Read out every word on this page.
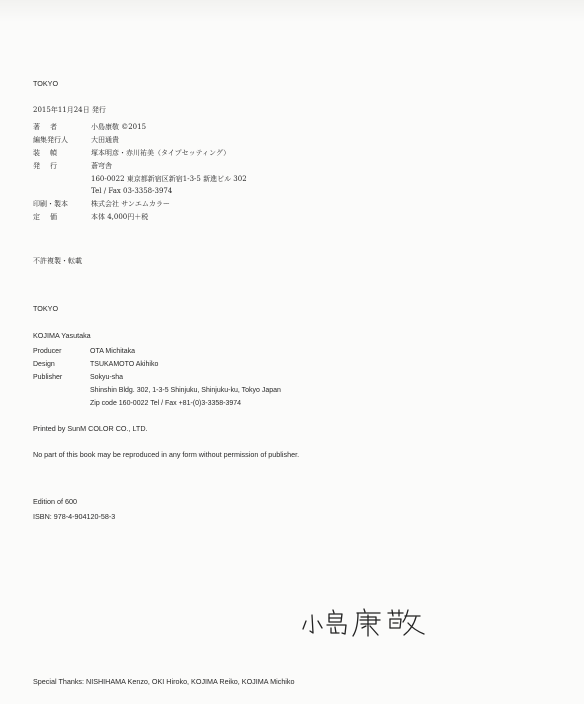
TOKYO
2015年11月24日 発行
著 者	小島康敬 ©2015
編集発行人	大田通貴
装 幀	塚本明彦・赤川祐美（タイプセッティング）
発 行	蒼穹舎
160-0022 東京都新宿区新宿1-3-5 新進ビル 302
Tel / Fax 03-3358-3974
印刷・製本	株式会社 サンエムカラー
定 価	本体 4,000円＋税
不許複製・転載
TOKYO
KOJIMA Yasutaka
Producer	OTA Michitaka
Design	TSUKAMOTO Akihiko
Publisher	Sokyu-sha
Shinshin Bldg. 302, 1-3-5 Shinjuku, Shinjuku-ku, Tokyo Japan
Zip code 160-0022 Tel / Fax +81-(0)3-3358-3974
Printed by SunM COLOR CO., LTD.
No part of this book may be reproduced in any form without permission of publisher.
Edition of 600
ISBN: 978-4-904120-58-3
Special Thanks: NISHIHAMA Kenzo, OKI Hiroko, KOJIMA Reiko, KOJIMA Michiko
